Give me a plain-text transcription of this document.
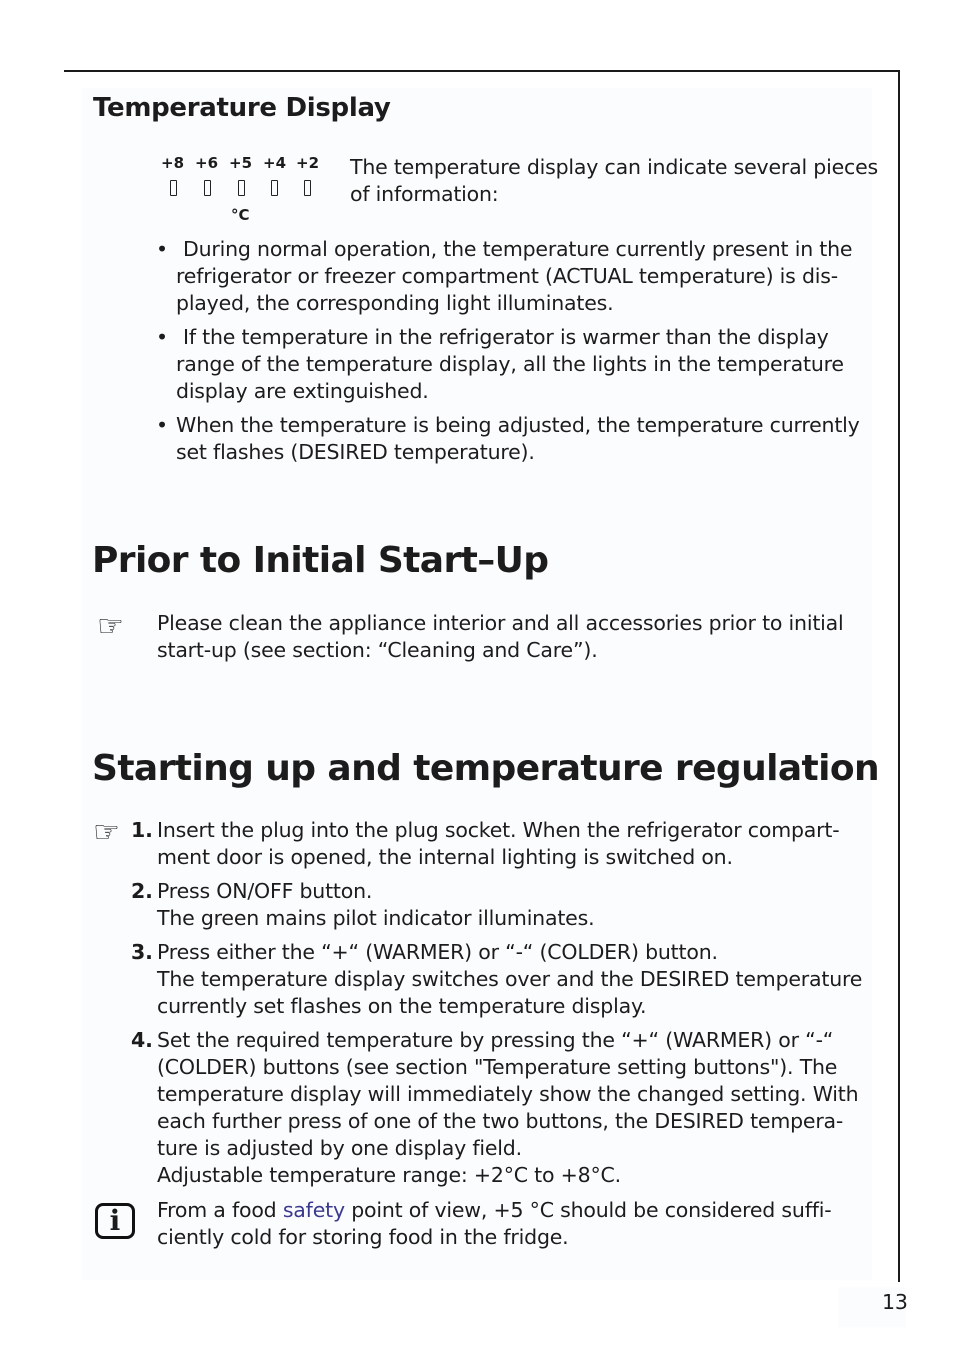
Temperature Display
+8 +6 +5 +4 +2
°C
The temperature display can indicate several pieces
of information:
• During normal operation, the temperature currently present in the
refrigerator or freezer compartment (ACTUAL temperature) is dis-
played, the corresponding light illuminates.
• If the temperature in the refrigerator is warmer than the display
range of the temperature display, all the lights in the temperature
display are extinguished.
• When the temperature is being adjusted, the temperature currently
set flashes (DESIRED temperature).
Prior to Initial Start–Up
☞ Please clean the appliance interior and all accessories prior to initial
start-up (see section: “Cleaning and Care”).
Starting up and temperature regulation
☞ 1. Insert the plug into the plug socket. When the refrigerator compart-
ment door is opened, the internal lighting is switched on.
2. Press ON/OFF button.
The green mains pilot indicator illuminates.
3. Press either the “+“ (WARMER) or “-“ (COLDER) button.
The temperature display switches over and the DESIRED temperature
currently set flashes on the temperature display.
4. Set the required temperature by pressing the “+“ (WARMER) or “-“
(COLDER) buttons (see section "Temperature setting buttons"). The
temperature display will immediately show the changed setting. With
each further press of one of the two buttons, the DESIRED tempera-
ture is adjusted by one display field.
Adjustable temperature range: +2°C to +8°C.
i	From a food safety point of view, +5 °C should be considered suffi-
ciently cold for storing food in the fridge.
13
